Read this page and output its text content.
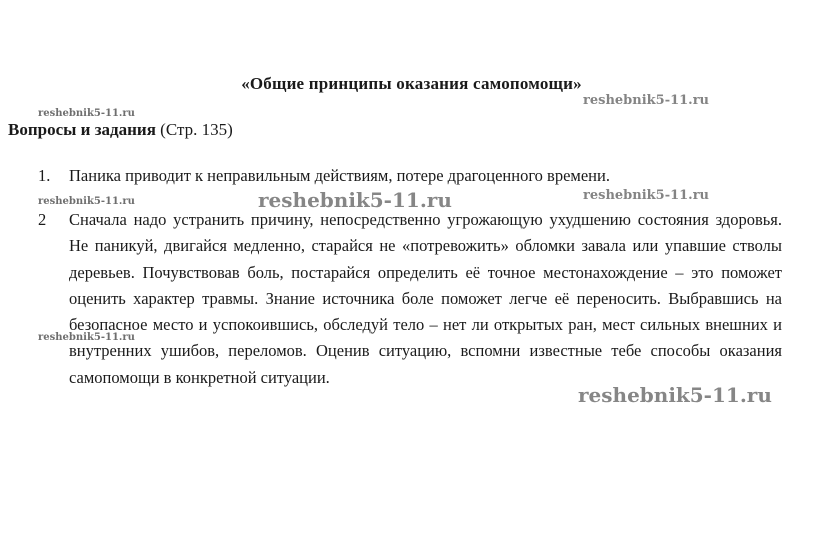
«Общие принципы оказания самопомощи»
Вопросы и задания (Стр. 135)
1. Паника приводит к неправильным действиям, потере драгоценного времени.
2 Сначала надо устранить причину, непосредственно угрожающую ухудшению состояния здоровья. Не паникуй, двигайся медленно, старайся не «потревожить» обломки завала или упавшие стволы деревьев. Почувствовав боль, постарайся определить её точное местонахождение – это поможет оценить характер травмы. Знание источника боле поможет легче её переносить. Выбравшись на безопасное место и успокоившись, обследуй тело – нет ли открытых ран, мест сильных внешних и внутренних ушибов, переломов. Оценив ситуацию, вспомни известные тебе способы оказания самопомощи в конкретной ситуации.
reshebnik5-11.ru
reshebnik5-11.ru
reshebnik5-11.ru	reshebnik5-11.ru	reshebnik5-11.ru
reshebnik5-11.ru
reshebnik5-11.ru
